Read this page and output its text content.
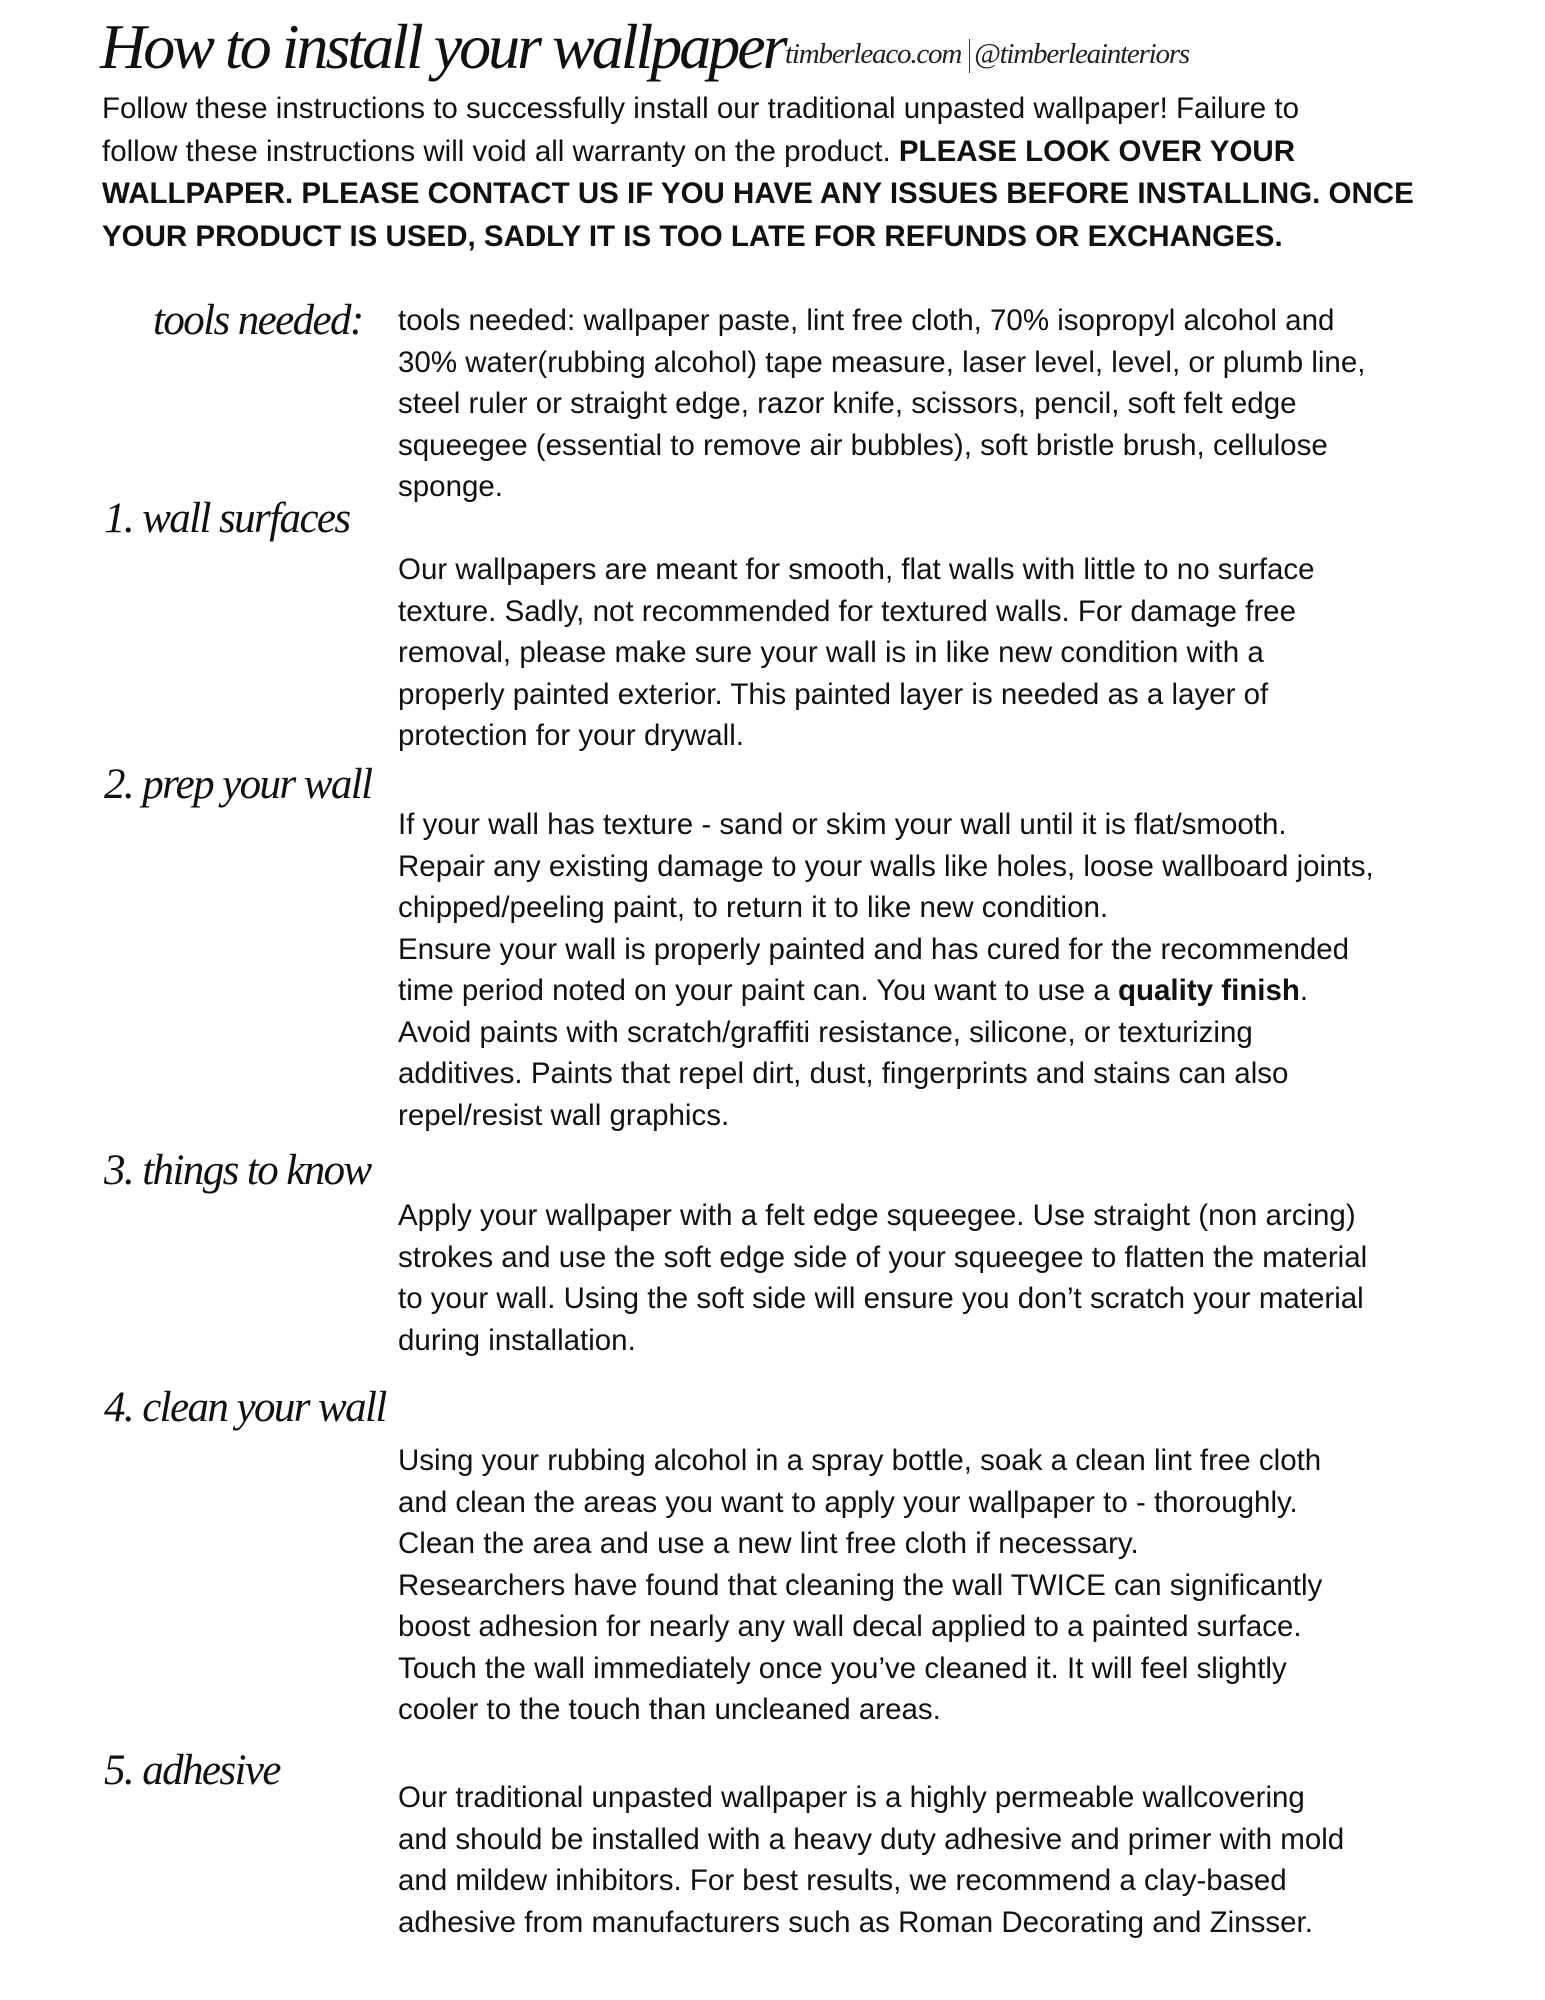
How to install your wallpaper timberleaco.com @timberleainteriors
Follow these instructions to successfully install our traditional unpasted wallpaper! Failure to
follow these instructions will void all warranty on the product. PLEASE LOOK OVER YOUR
WALLPAPER. PLEASE CONTACT US IF YOU HAVE ANY ISSUES BEFORE INSTALLING. ONCE
YOUR PRODUCT IS USED, SADLY IT IS TOO LATE FOR REFUNDS OR EXCHANGES.
tools needed: tools needed: wallpaper paste, lint free cloth, 70% isopropyl alcohol and
30% water(rubbing alcohol) tape measure, laser level, level, or plumb line,
steel ruler or straight edge, razor knife, scissors, pencil, soft felt edge
squeegee (essential to remove air bubbles), soft bristle brush, cellulose
sponge.
1. wall surfaces
Our wallpapers are meant for smooth, flat walls with little to no surface
texture. Sadly, not recommended for textured walls. For damage free
removal, please make sure your wall is in like new condition with a
properly painted exterior. This painted layer is needed as a layer of
protection for your drywall.
2. prep your wall
If your wall has texture - sand or skim your wall until it is flat/smooth.
Repair any existing damage to your walls like holes, loose wallboard joints,
chipped/peeling paint, to return it to like new condition.
Ensure your wall is properly painted and has cured for the recommended
time period noted on your paint can. You want to use a quality finish.
Avoid paints with scratch/graffiti resistance, silicone, or texturizing
additives. Paints that repel dirt, dust, fingerprints and stains can also
repel/resist wall graphics.
3. things to know
Apply your wallpaper with a felt edge squeegee. Use straight (non arcing)
strokes and use the soft edge side of your squeegee to flatten the material
to your wall. Using the soft side will ensure you don’t scratch your material
during installation.
4. clean your wall
Using your rubbing alcohol in a spray bottle, soak a clean lint free cloth
and clean the areas you want to apply your wallpaper to - thoroughly.
Clean the area and use a new lint free cloth if necessary.
Researchers have found that cleaning the wall TWICE can significantly
boost adhesion for nearly any wall decal applied to a painted surface.
Touch the wall immediately once you’ve cleaned it. It will feel slightly
cooler to the touch than uncleaned areas.
5. adhesive
Our traditional unpasted wallpaper is a highly permeable wallcovering
and should be installed with a heavy duty adhesive and primer with mold
and mildew inhibitors. For best results, we recommend a clay-based
adhesive from manufacturers such as Roman Decorating and Zinsser.
